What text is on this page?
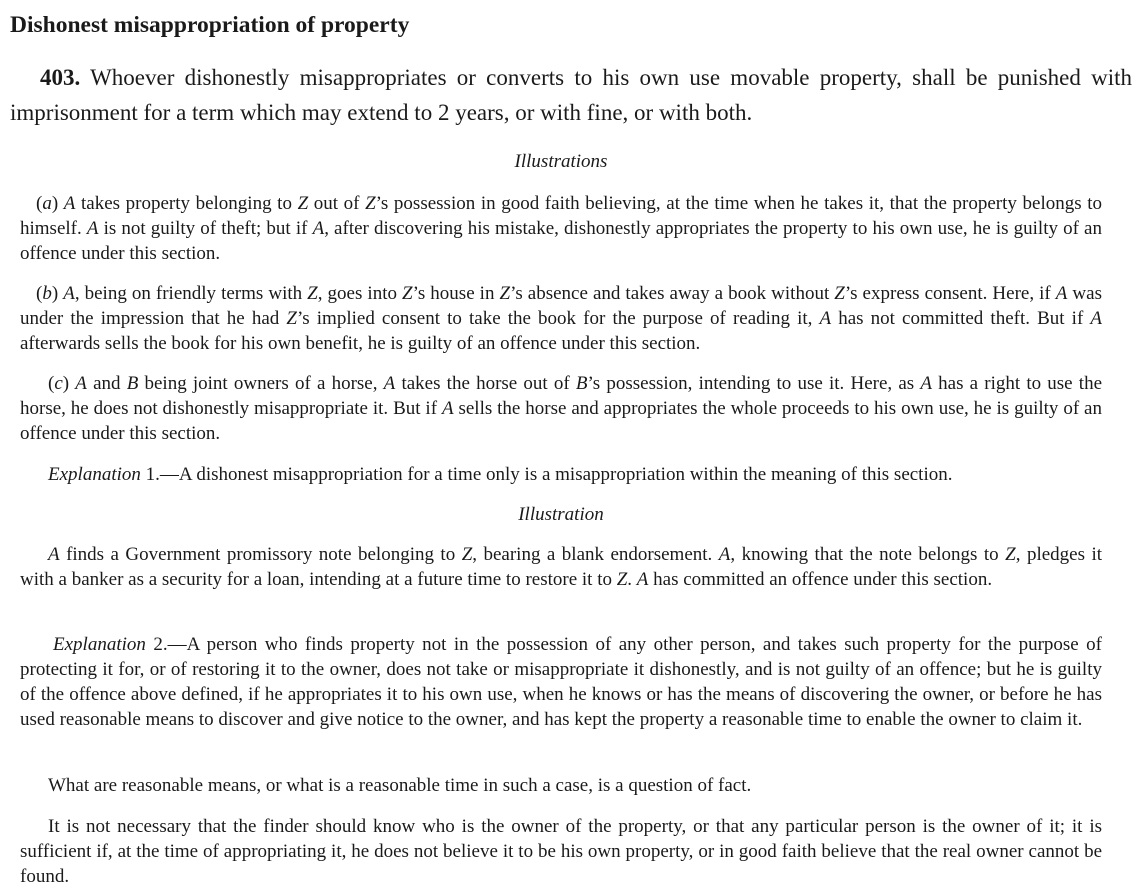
Dishonest misappropriation of property

403. Whoever dishonestly misappropriates or converts to his own use movable property, shall be punished with imprisonment for a term which may extend to 2 years, or with fine, or with both.

Illustrations

(a) A takes property belonging to Z out of Z’s possession in good faith believing, at the time when he takes it, that the property belongs to himself. A is not guilty of theft; but if A, after discovering his mistake, dishonestly appropriates the property to his own use, he is guilty of an offence under this section.

(b) A, being on friendly terms with Z, goes into Z’s house in Z’s absence and takes away a book without Z’s express consent. Here, if A was under the impression that he had Z’s implied consent to take the book for the purpose of reading it, A has not committed theft. But if A afterwards sells the book for his own benefit, he is guilty of an offence under this section.

(c) A and B being joint owners of a horse, A takes the horse out of B’s possession, intending to use it. Here, as A has a right to use the horse, he does not dishonestly misappropriate it. But if A sells the horse and appropriates the whole proceeds to his own use, he is guilty of an offence under this section.

Explanation 1.—A dishonest misappropriation for a time only is a misappropriation within the meaning of this section.

Illustration

A finds a Government promissory note belonging to Z, bearing a blank endorsement. A, knowing that the note belongs to Z, pledges it with a banker as a security for a loan, intending at a future time to restore it to Z. A has committed an offence under this section.

Explanation 2.—A person who finds property not in the possession of any other person, and takes such property for the purpose of protecting it for, or of restoring it to the owner, does not take or misappropriate it dishonestly, and is not guilty of an offence; but he is guilty of the offence above defined, if he appropriates it to his own use, when he knows or has the means of discovering the owner, or before he has used reasonable means to discover and give notice to the owner, and has kept the property a reasonable time to enable the owner to claim it.

What are reasonable means, or what is a reasonable time in such a case, is a question of fact.

It is not necessary that the finder should know who is the owner of the property, or that any particular person is the owner of it; it is sufficient if, at the time of appropriating it, he does not believe it to be his own property, or in good faith believe that the real owner cannot be found.
